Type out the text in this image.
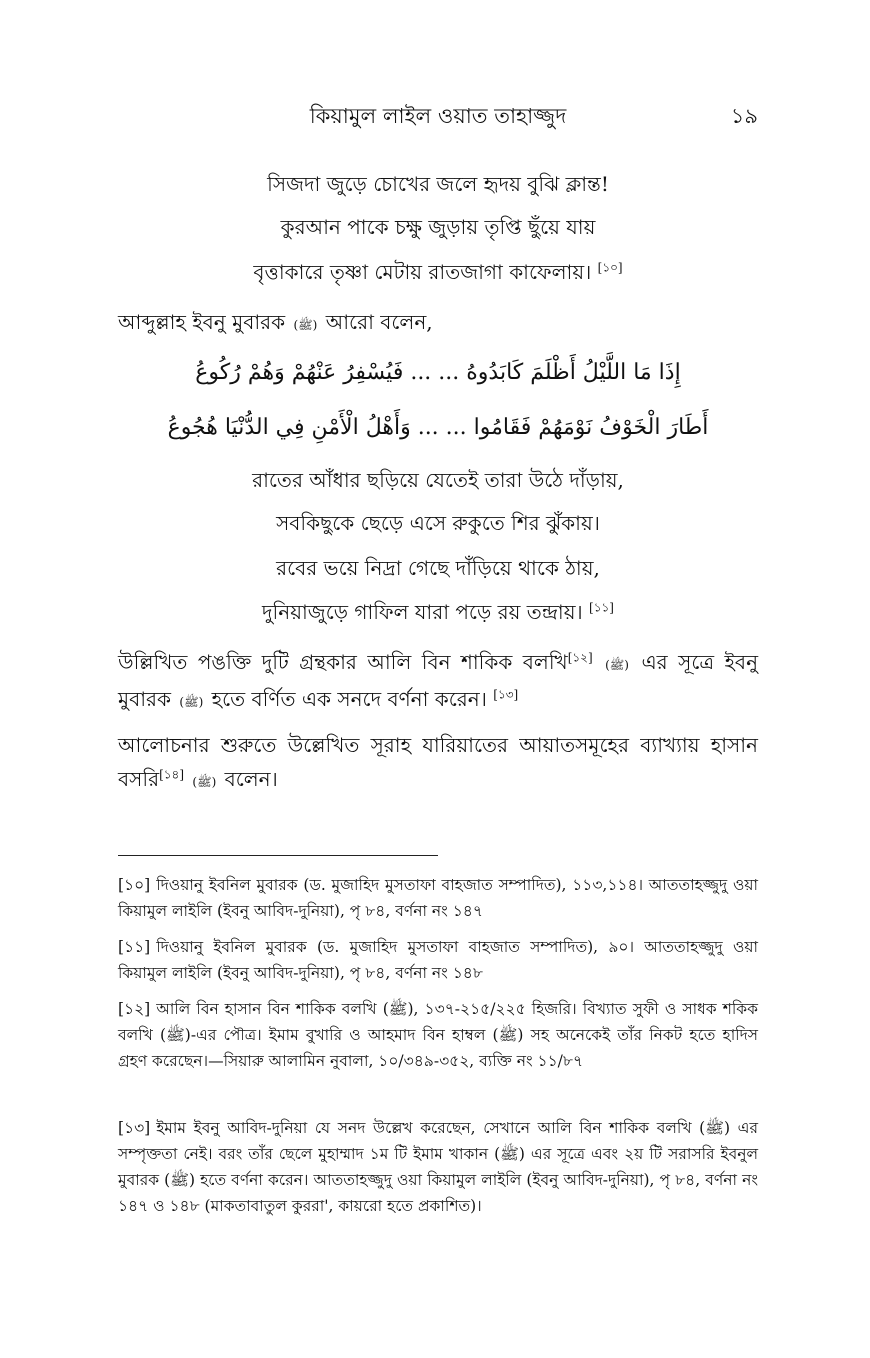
কিয়ামুল লাইল ওয়াত তাহাজ্জুদ	১৯
সিজদা জুড়ে চোখের জলে হৃদয় বুঝি ক্লান্ত!
কুরআন পাকে চক্ষু জুড়ায় তৃপ্তি ছুঁয়ে যায়
বৃত্তাকারে তৃষ্ণা মেটায় রাতজাগা কাফেলায়। [১০]
আব্দুল্লাহ ইবনু মুবারক (ﷺ) আরো বলেন,
إِذَا مَا اللَّيْلُ أَظْلَمَ كَابَدُوهُ ... ... فَيُسْفِرُ عَنْهُمْ وَهُمْ رُكُوعُ
أَطَارَ الْخَوْفُ نَوْمَهُمْ فَقَامُوا ... ... وَأَهْلُ الْأَمْنِ فِي الدُّنْيَا هُجُوعُ
রাতের আঁধার ছড়িয়ে যেতেই তারা উঠে দাঁড়ায়,
সবকিছুকে ছেড়ে এসে রুকুতে শির ঝুঁকায়।
রবের ভয়ে নিদ্রা গেছে দাঁড়িয়ে থাকে ঠায়,
দুনিয়াজুড়ে গাফিল যারা পড়ে রয় তন্দ্রায়। [১১]
উল্লিখিত পঙক্তি দুটি গ্রন্থকার আলি বিন শাকিক বলখি[১২] (ﷺ) এর সূত্রে ইবনু মুবারক (ﷺ) হতে বর্ণিত এক সনদে বর্ণনা করেন। [১৩]
আলোচনার শুরুতে উল্লেখিত সূরাহ যারিয়াতের আয়াতসমূহের ব্যাখ্যায় হাসান বসরি[১৪] (ﷺ) বলেন।
[১০] দিওয়ানু ইবনিল মুবারক (ড. মুজাহিদ মুসতাফা বাহজাত সম্পাদিত), ১১৩,১১৪। আততাহজ্জুদু ওয়া কিয়ামুল লাইলি (ইবনু আবিদ-দুনিয়া), পৃ ৮৪, বর্ণনা নং ১৪৭
[১১] দিওয়ানু ইবনিল মুবারক (ড. মুজাহিদ মুসতাফা বাহজাত সম্পাদিত), ৯০। আততাহজ্জুদু ওয়া কিয়ামুল লাইলি (ইবনু আবিদ-দুনিয়া), পৃ ৮৪, বর্ণনা নং ১৪৮
[১২] আলি বিন হাসান বিন শাকিক বলখি (ﷺ), ১৩৭-২১৫/২২৫ হিজরি। বিখ্যাত সুফী ও সাধক শকিক বলখি (ﷺ)-এর পৌত্র। ইমাম বুখারি ও আহমাদ বিন হাম্বল (ﷺ) সহ অনেকেই তাঁর নিকট হতে হাদিস গ্রহণ করেছেন।—সিয়ারু আলামিন নুবালা, ১০/৩৪৯-৩৫২, ব্যক্তি নং ১১/৮৭
[১৩] ইমাম ইবনু আবিদ-দুনিয়া যে সনদ উল্লেখ করেছেন, সেখানে আলি বিন শাকিক বলখি (ﷺ) এর সম্পৃক্ততা নেই। বরং তাঁর ছেলে মুহাম্মাদ ১ম টি ইমাম খাকান (ﷺ) এর সূত্রে এবং ২য় টি সরাসরি ইবনুল মুবারক (ﷺ) হতে বর্ণনা করেন। আততাহজ্জুদু ওয়া কিয়ামুল লাইলি (ইবনু আবিদ-দুনিয়া), পৃ ৮৪, বর্ণনা নং ১৪৭ ও ১৪৮ (মাকতাবাতুল কুররা', কায়রো হতে প্রকাশিত)।
